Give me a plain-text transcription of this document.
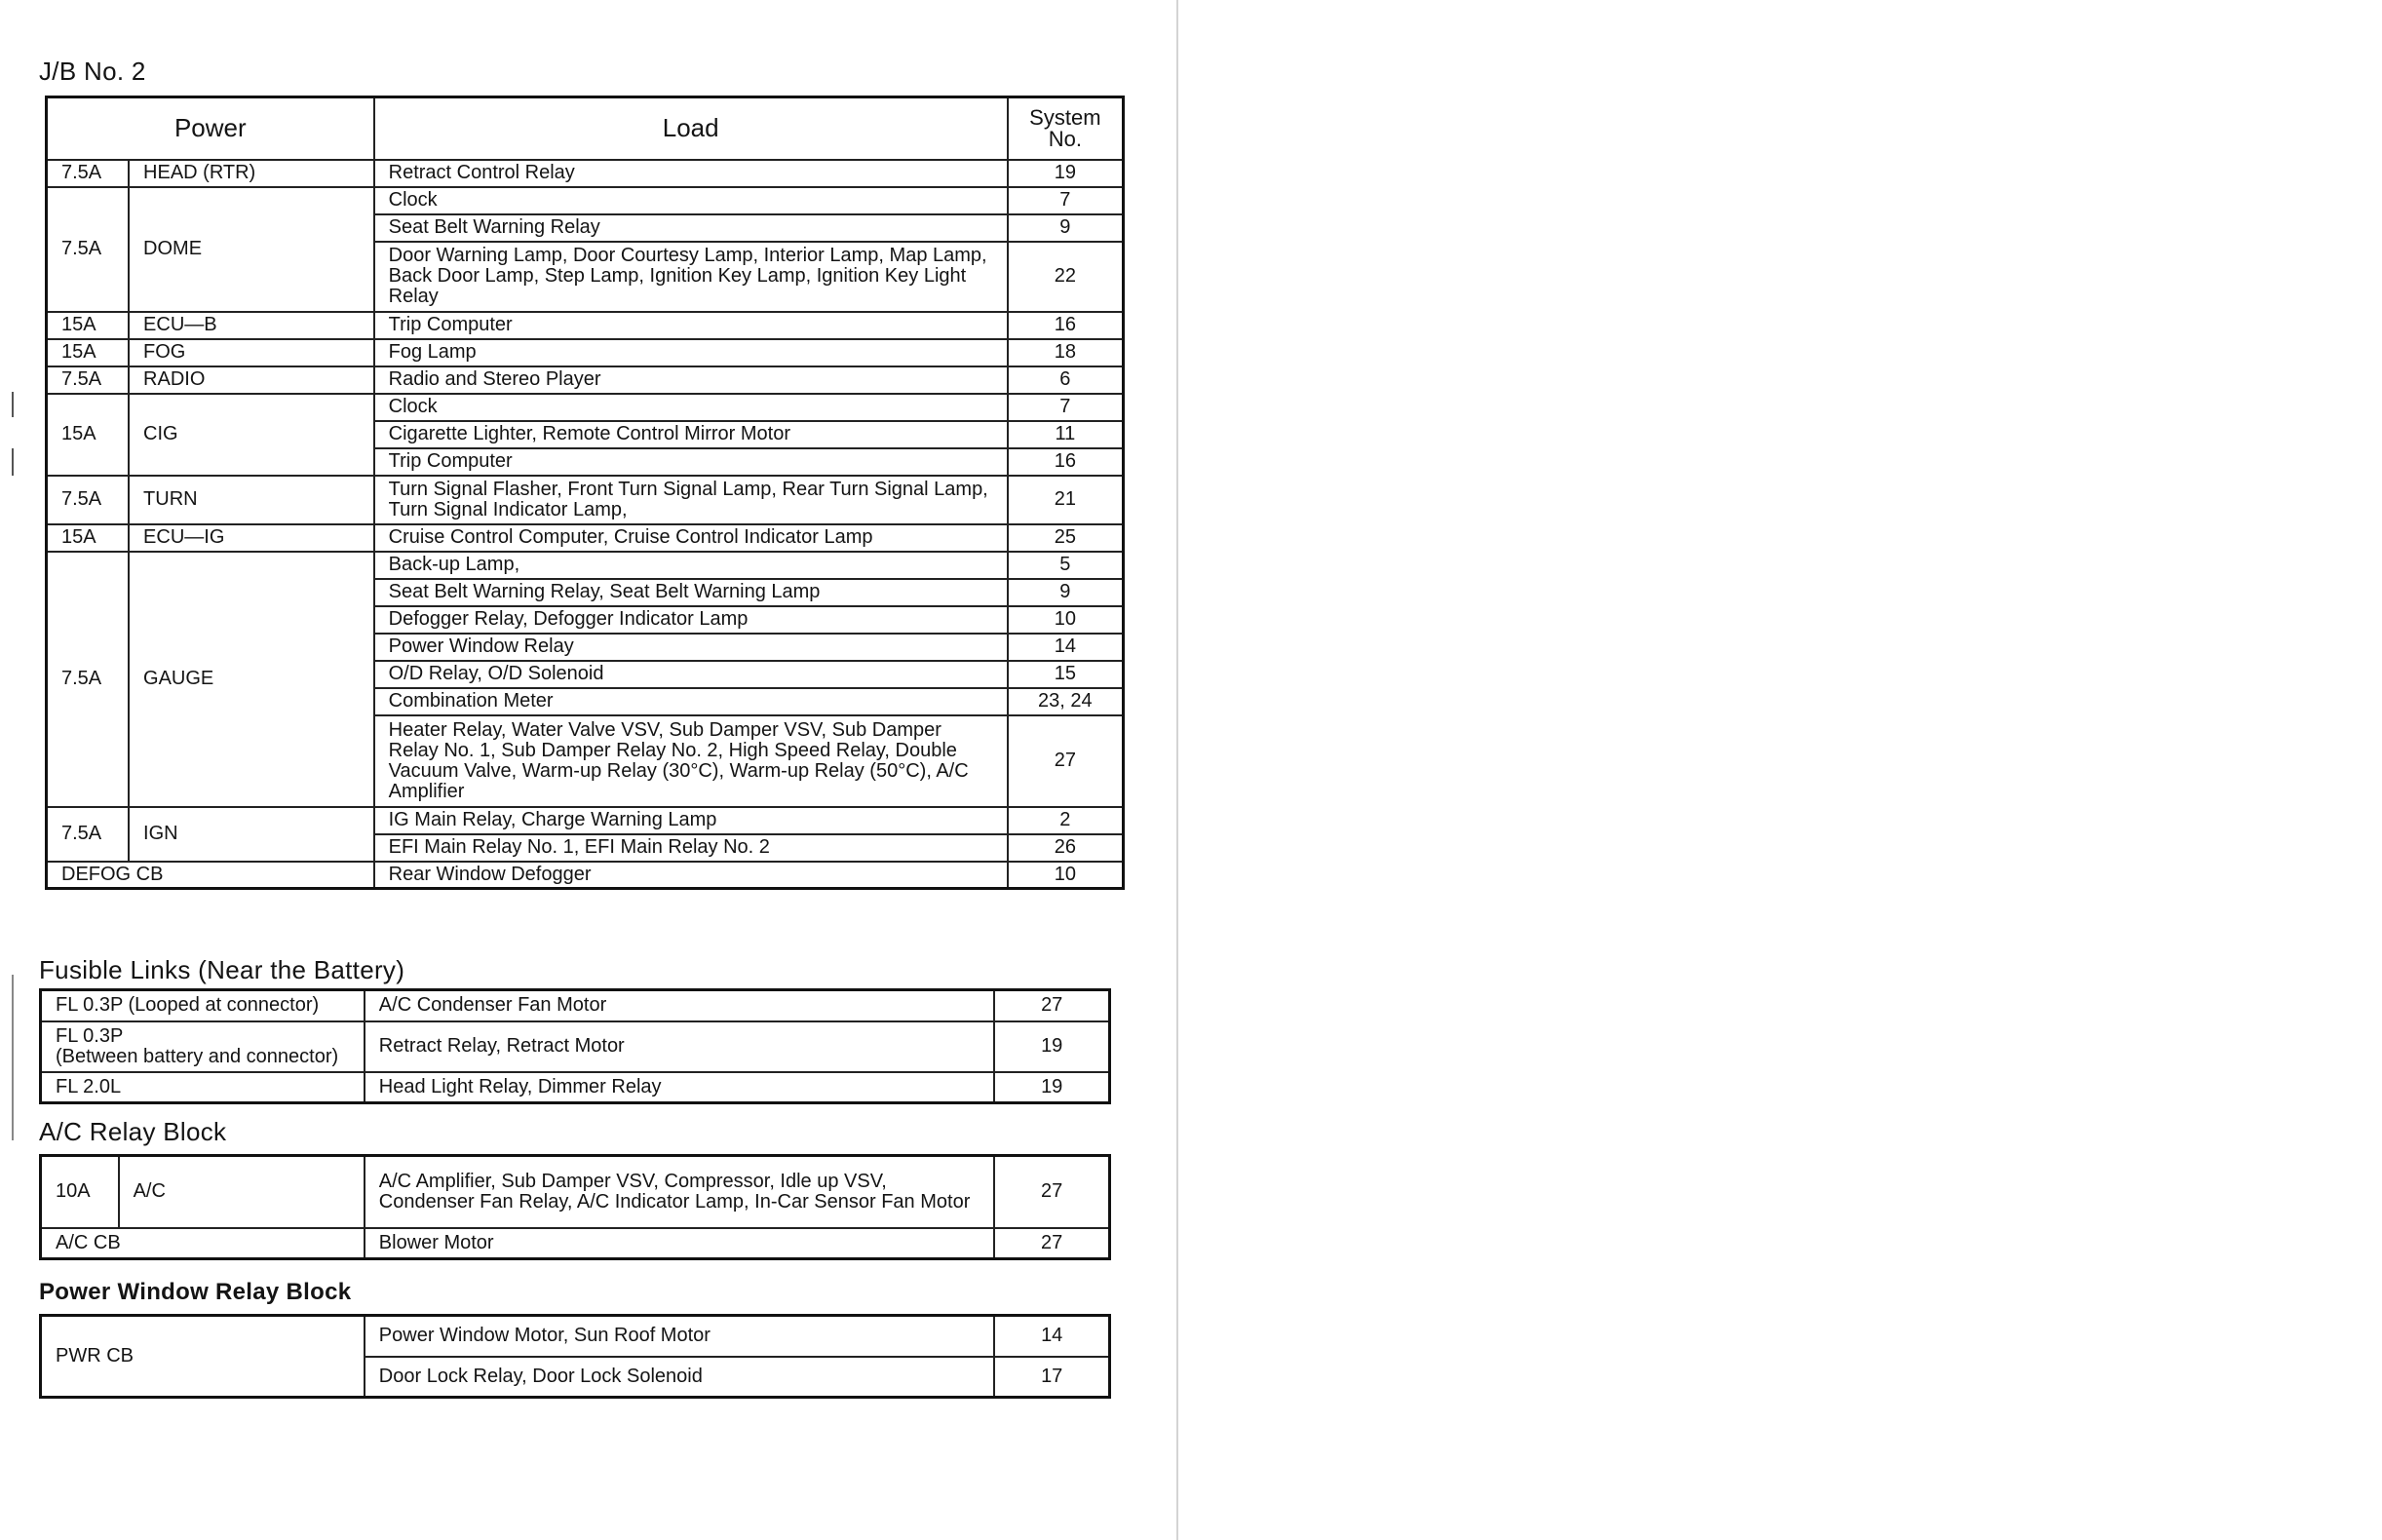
J/B No. 2
Power		Load	System No.
7.5A	HEAD (RTR)	Retract Control Relay	19
7.5A	DOME	Clock	7
		Seat Belt Warning Relay	9
		Door Warning Lamp, Door Courtesy Lamp, Interior Lamp, Map Lamp, Back Door Lamp, Step Lamp, Ignition Key Lamp, Ignition Key Light Relay	22
15A	ECU—B	Trip Computer	16
15A	FOG	Fog Lamp	18
7.5A	RADIO	Radio and Stereo Player	6
15A	CIG	Clock	7
		Cigarette Lighter, Remote Control Mirror Motor	11
		Trip Computer	16
7.5A	TURN	Turn Signal Flasher, Front Turn Signal Lamp, Rear Turn Signal Lamp, Turn Signal Indicator Lamp,	21
15A	ECU—IG	Cruise Control Computer, Cruise Control Indicator Lamp	25
7.5A	GAUGE	Back-up Lamp,	5
		Seat Belt Warning Relay, Seat Belt Warning Lamp	9
		Defogger Relay, Defogger Indicator Lamp	10
		Power Window Relay	14
		O/D Relay, O/D Solenoid	15
		Combination Meter	23, 24
		Heater Relay, Water Valve VSV, Sub Damper VSV, Sub Damper Relay No. 1, Sub Damper Relay No. 2, High Speed Relay, Double Vacuum Valve, Warm-up Relay (30°C), Warm-up Relay (50°C), A/C Amplifier	27
7.5A	IGN	IG Main Relay, Charge Warning Lamp	2
		EFI Main Relay No. 1, EFI Main Relay No. 2	26
DEFOG CB		Rear Window Defogger	10
Fusible Links (Near the Battery)
FL 0.3P (Looped at connector)	A/C Condenser Fan Motor	27
FL 0.3P
(Between battery and connector)	Retract Relay, Retract Motor	19
FL 2.0L	Head Light Relay, Dimmer Relay	19
A/C Relay Block
10A	A/C	A/C Amplifier, Sub Damper VSV, Compressor, Idle up VSV, Condenser Fan Relay, A/C Indicator Lamp, In-Car Sensor Fan Motor	27
A/C CB		Blower Motor	27
Power Window Relay Block
PWR CB	Power Window Motor, Sun Roof Motor	14
	Door Lock Relay, Door Lock Solenoid	17
